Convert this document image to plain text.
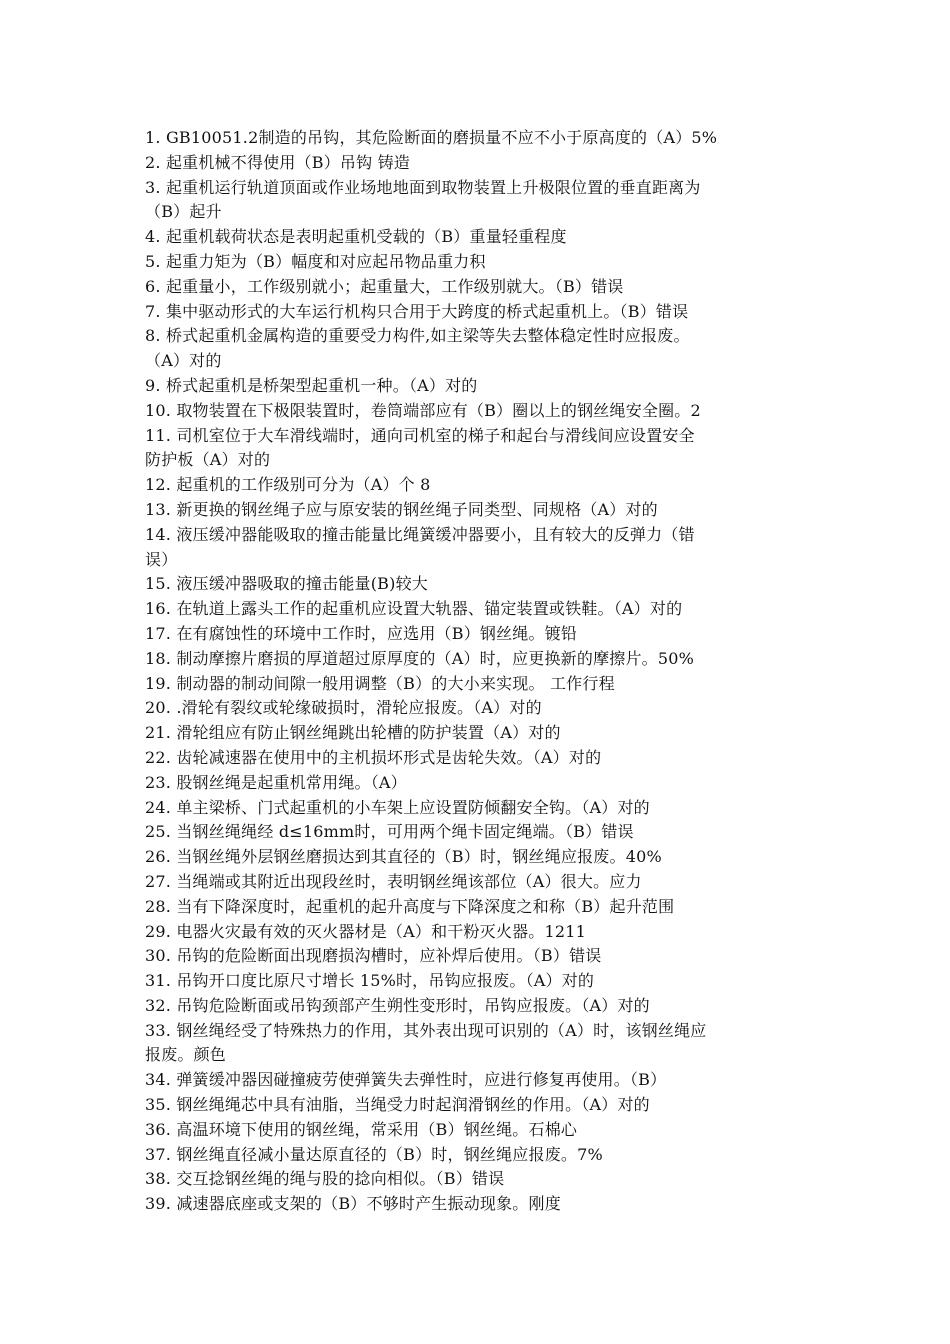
1. GB10051.2制造的吊钩，其危险断面的磨损量不应不小于原高度的（A）5%
2. 起重机械不得使用（B）吊钩 铸造
3. 起重机运行轨道顶面或作业场地地面到取物装置上升极限位置的垂直距离为
（B）起升
4. 起重机载荷状态是表明起重机受载的（B）重量轻重程度
5. 起重力矩为（B）幅度和对应起吊物品重力积
6. 起重量小，工作级别就小；起重量大，工作级别就大。（B）错误
7. 集中驱动形式的大车运行机构只合用于大跨度的桥式起重机上。（B）错误
8. 桥式起重机金属构造的重要受力构件,如主梁等失去整体稳定性时应报废。
（A）对的
9. 桥式起重机是桥架型起重机一种。（A）对的
10. 取物装置在下极限装置时，卷筒端部应有（B）圈以上的钢丝绳安全圈。2
11. 司机室位于大车滑线端时，通向司机室的梯子和起台与滑线间应设置安全
防护板（A）对的
12. 起重机的工作级别可分为（A）个 8
13. 新更换的钢丝绳子应与原安装的钢丝绳子同类型、同规格（A）对的
14. 液压缓冲器能吸取的撞击能量比绳簧缓冲器要小，且有较大的反弹力（错
误）
15. 液压缓冲器吸取的撞击能量(B)较大
16. 在轨道上露头工作的起重机应设置大轨器、锚定装置或铁鞋。（A）对的
17. 在有腐蚀性的环境中工作时，应选用（B）钢丝绳。镀铅
18. 制动摩擦片磨损的厚道超过原厚度的（A）时，应更换新的摩擦片。50%
19. 制动器的制动间隙一般用调整（B）的大小来实现。 工作行程
20. .滑轮有裂纹或轮缘破损时，滑轮应报废。（A）对的
21. 滑轮组应有防止钢丝绳跳出轮槽的防护装置（A）对的
22. 齿轮减速器在使用中的主机损坏形式是齿轮失效。（A）对的
23. 股钢丝绳是起重机常用绳。（A）
24. 单主梁桥、门式起重机的小车架上应设置防倾翻安全钩。（A）对的
25. 当钢丝绳绳经 d≤16mm时，可用两个绳卡固定绳端。（B）错误
26. 当钢丝绳外层钢丝磨损达到其直径的（B）时，钢丝绳应报废。40%
27. 当绳端或其附近出现段丝时，表明钢丝绳该部位（A）很大。应力
28. 当有下降深度时，起重机的起升高度与下降深度之和称（B）起升范围
29. 电器火灾最有效的灭火器材是（A）和干粉灭火器。1211
30. 吊钩的危险断面出现磨损沟槽时，应补焊后使用。（B）错误
31. 吊钩开口度比原尺寸增长 15%时，吊钩应报废。（A）对的
32. 吊钩危险断面或吊钩颈部产生朔性变形时，吊钩应报废。（A）对的
33. 钢丝绳经受了特殊热力的作用，其外表出现可识别的（A）时，该钢丝绳应
报废。颜色
34. 弹簧缓冲器因碰撞疲劳使弹簧失去弹性时，应进行修复再使用。（B）
35. 钢丝绳绳芯中具有油脂，当绳受力时起润滑钢丝的作用。（A）对的
36. 高温环境下使用的钢丝绳，常采用（B）钢丝绳。石棉心
37. 钢丝绳直径减小量达原直径的（B）时，钢丝绳应报废。7%
38. 交互捻钢丝绳的绳与股的捻向相似。（B）错误
39. 减速器底座或支架的（B）不够时产生振动现象。刚度
